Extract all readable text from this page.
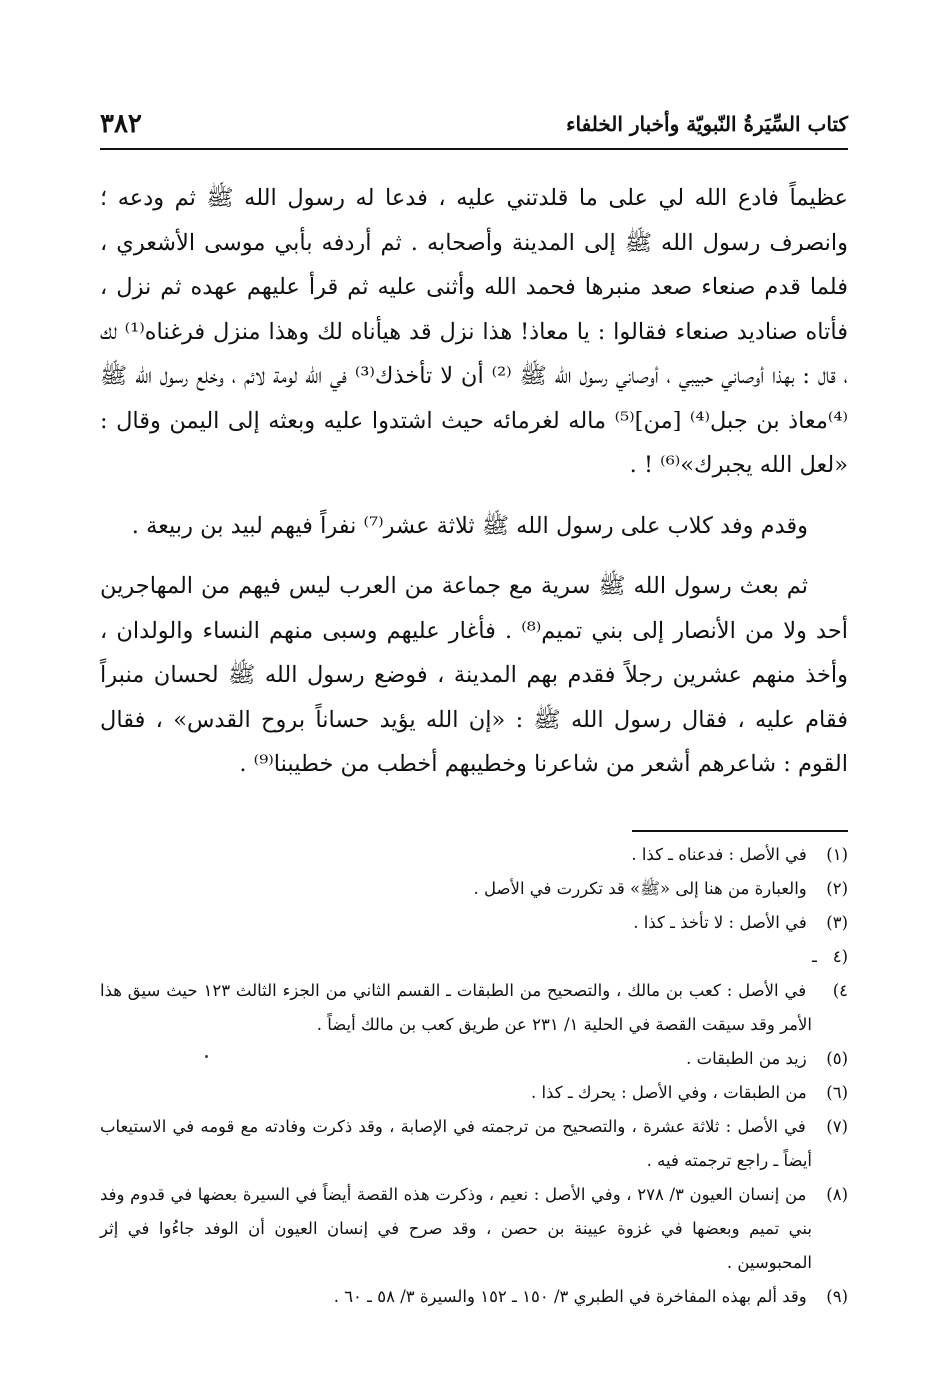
كتاب السِّيَرةُ النّبويّة وأخبار الخلفاء
٣٨٢

عظيماً فادع الله لي على ما قلدتني عليه ، فدعا له رسول الله ﷺ ثم ودعه ؛ وانصرف رسول الله ﷺ إلى المدينة وأصحابه . ثم أردفه بأبي موسى الأشعري ، فلما قدم صنعاء صعد منبرها فحمد الله وأثنى عليه ثم قرأ عليهم عهده ثم نزل ، فأتاه صناديد صنعاء فقالوا : يا معاذ! هذا نزل قد هيأناه لك وهذا منزل فرغناه⁽¹⁾ لك ، قال : بهذا أوصاني حبيبي ، أوصاني رسول الله ﷺ ⁽²⁾ أن لا تأخذك⁽³⁾ في الله لومة لائم ، وخلع رسول الله ﷺ ⁽⁴⁾معاذ بن جبل⁽⁴⁾ [من]⁽⁵⁾ ماله لغرمائه حيث اشتدوا عليه وبعثه إلى اليمن وقال : «لعل الله يجبرك»⁽⁶⁾ ! .

وقدم وفد كلاب على رسول الله ﷺ ثلاثة عشر⁽⁷⁾ نفراً فيهم لبيد بن ربيعة .

ثم بعث رسول الله ﷺ سرية مع جماعة من العرب ليس فيهم من المهاجرين أحد ولا من الأنصار إلى بني تميم⁽⁸⁾ . فأغار عليهم وسبى منهم النساء والولدان ، وأخذ منهم عشرين رجلاً فقدم بهم المدينة ، فوضع رسول الله ﷺ لحسان منبراً فقام عليه ، فقال رسول الله ﷺ : «إن الله يؤيد حساناً بروح القدس» ، فقال القوم : شاعرهم أشعر من شاعرنا وخطيبهم أخطب من خطيبنا⁽⁹⁾ .

(١) في الأصل : فدعناه ـ كذا .

(٢) والعبارة من هنا إلى «ﷺ» قد تكررت في الأصل .

(٣) في الأصل : لا تأخذ ـ كذا .

(٤ ـ ٤) في الأصل : كعب بن مالك ، والتصحيح من الطبقات ـ القسم الثاني من الجزء الثالث ١٢٣ حيث سيق هذا الأمر وقد سيقت القصة في الحلية ١/ ٢٣١ عن طريق كعب بن مالك أيضاً .

(٥) زيد من الطبقات .

(٦) من الطبقات ، وفي الأصل : يحرك ـ كذا .

(٧) في الأصل : ثلاثة عشرة ، والتصحيح من ترجمته في الإصابة ، وقد ذكرت وفادته مع قومه في الاستيعاب أيضاً ـ راجع ترجمته فيه .

(٨) من إنسان العيون ٣/ ٢٧٨ ، وفي الأصل : نعيم ، وذكرت هذه القصة أيضاً في السيرة بعضها في قدوم وفد بني تميم وبعضها في غزوة عيينة بن حصن ، وقد صرح في إنسان العيون أن الوفد جاءُوا في إثر المحبوسين .

(٩) وقد ألم بهذه المفاخرة في الطبري ٣/ ١٥٠ ـ ١٥٢ والسيرة ٣/ ٥٨ ـ ٦٠ .
